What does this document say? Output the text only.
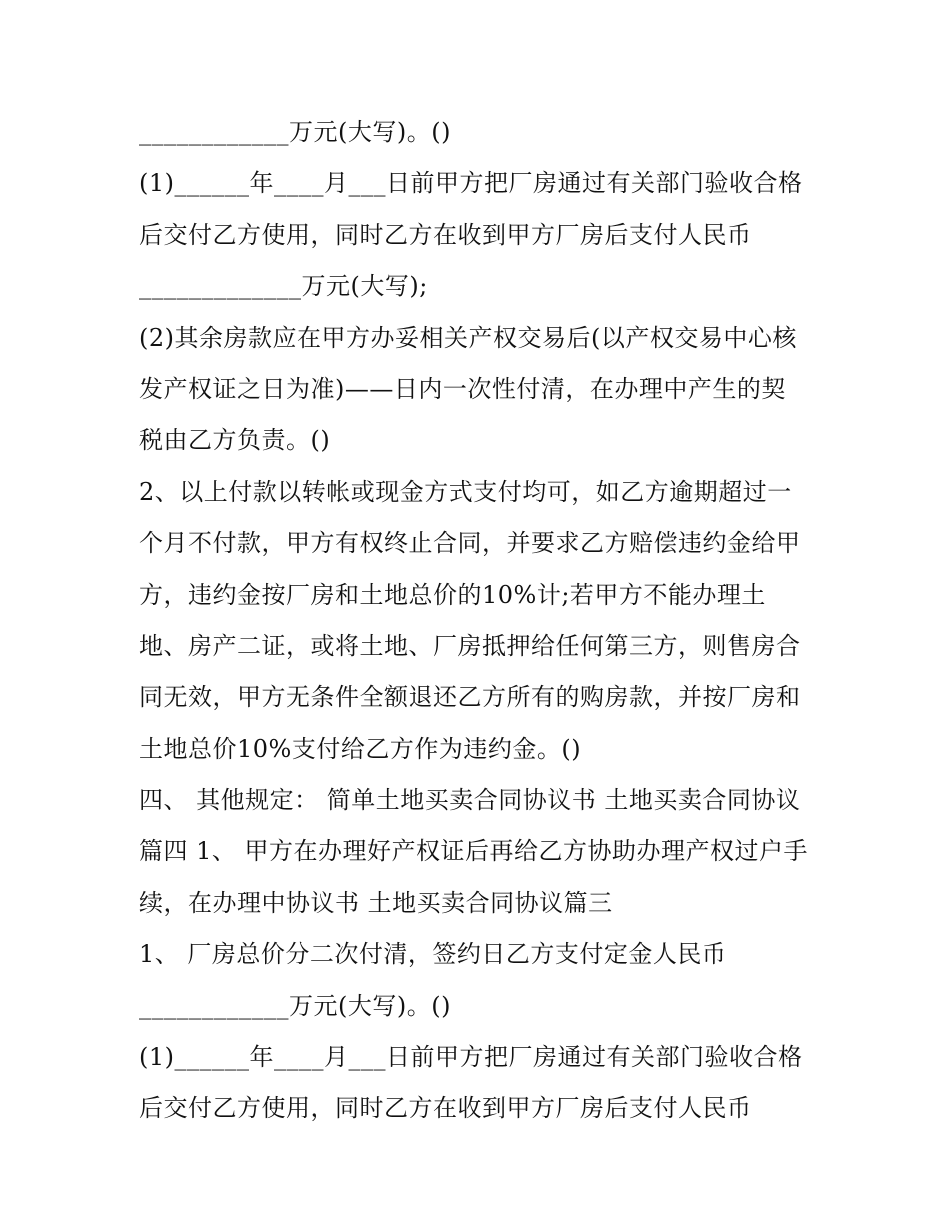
____________万元(大写)。()
(1)______年____月___日前甲方把厂房通过有关部门验收合格
后交付乙方使用，同时乙方在收到甲方厂房后支付人民币
_____________万元(大写);
(2)其余房款应在甲方办妥相关产权交易后(以产权交易中心核
发产权证之日为准)——日内一次性付清，在办理中产生的契
税由乙方负责。()
2、以上付款以转帐或现金方式支付均可，如乙方逾期超过一
个月不付款，甲方有权终止合同，并要求乙方赔偿违约金给甲
方，违约金按厂房和土地总价的10%计;若甲方不能办理土
地、房产二证，或将土地、厂房抵押给任何第三方，则售房合
同无效，甲方无条件全额退还乙方所有的购房款，并按厂房和
土地总价10%支付给乙方作为违约金。()
四、 其他规定： 简单土地买卖合同协议书 土地买卖合同协议
篇四 1、 甲方在办理好产权证后再给乙方协助办理产权过户手
续，在办理中协议书 土地买卖合同协议篇三
1、 厂房总价分二次付清，签约日乙方支付定金人民币
____________万元(大写)。()
(1)______年____月___日前甲方把厂房通过有关部门验收合格
后交付乙方使用，同时乙方在收到甲方厂房后支付人民币
